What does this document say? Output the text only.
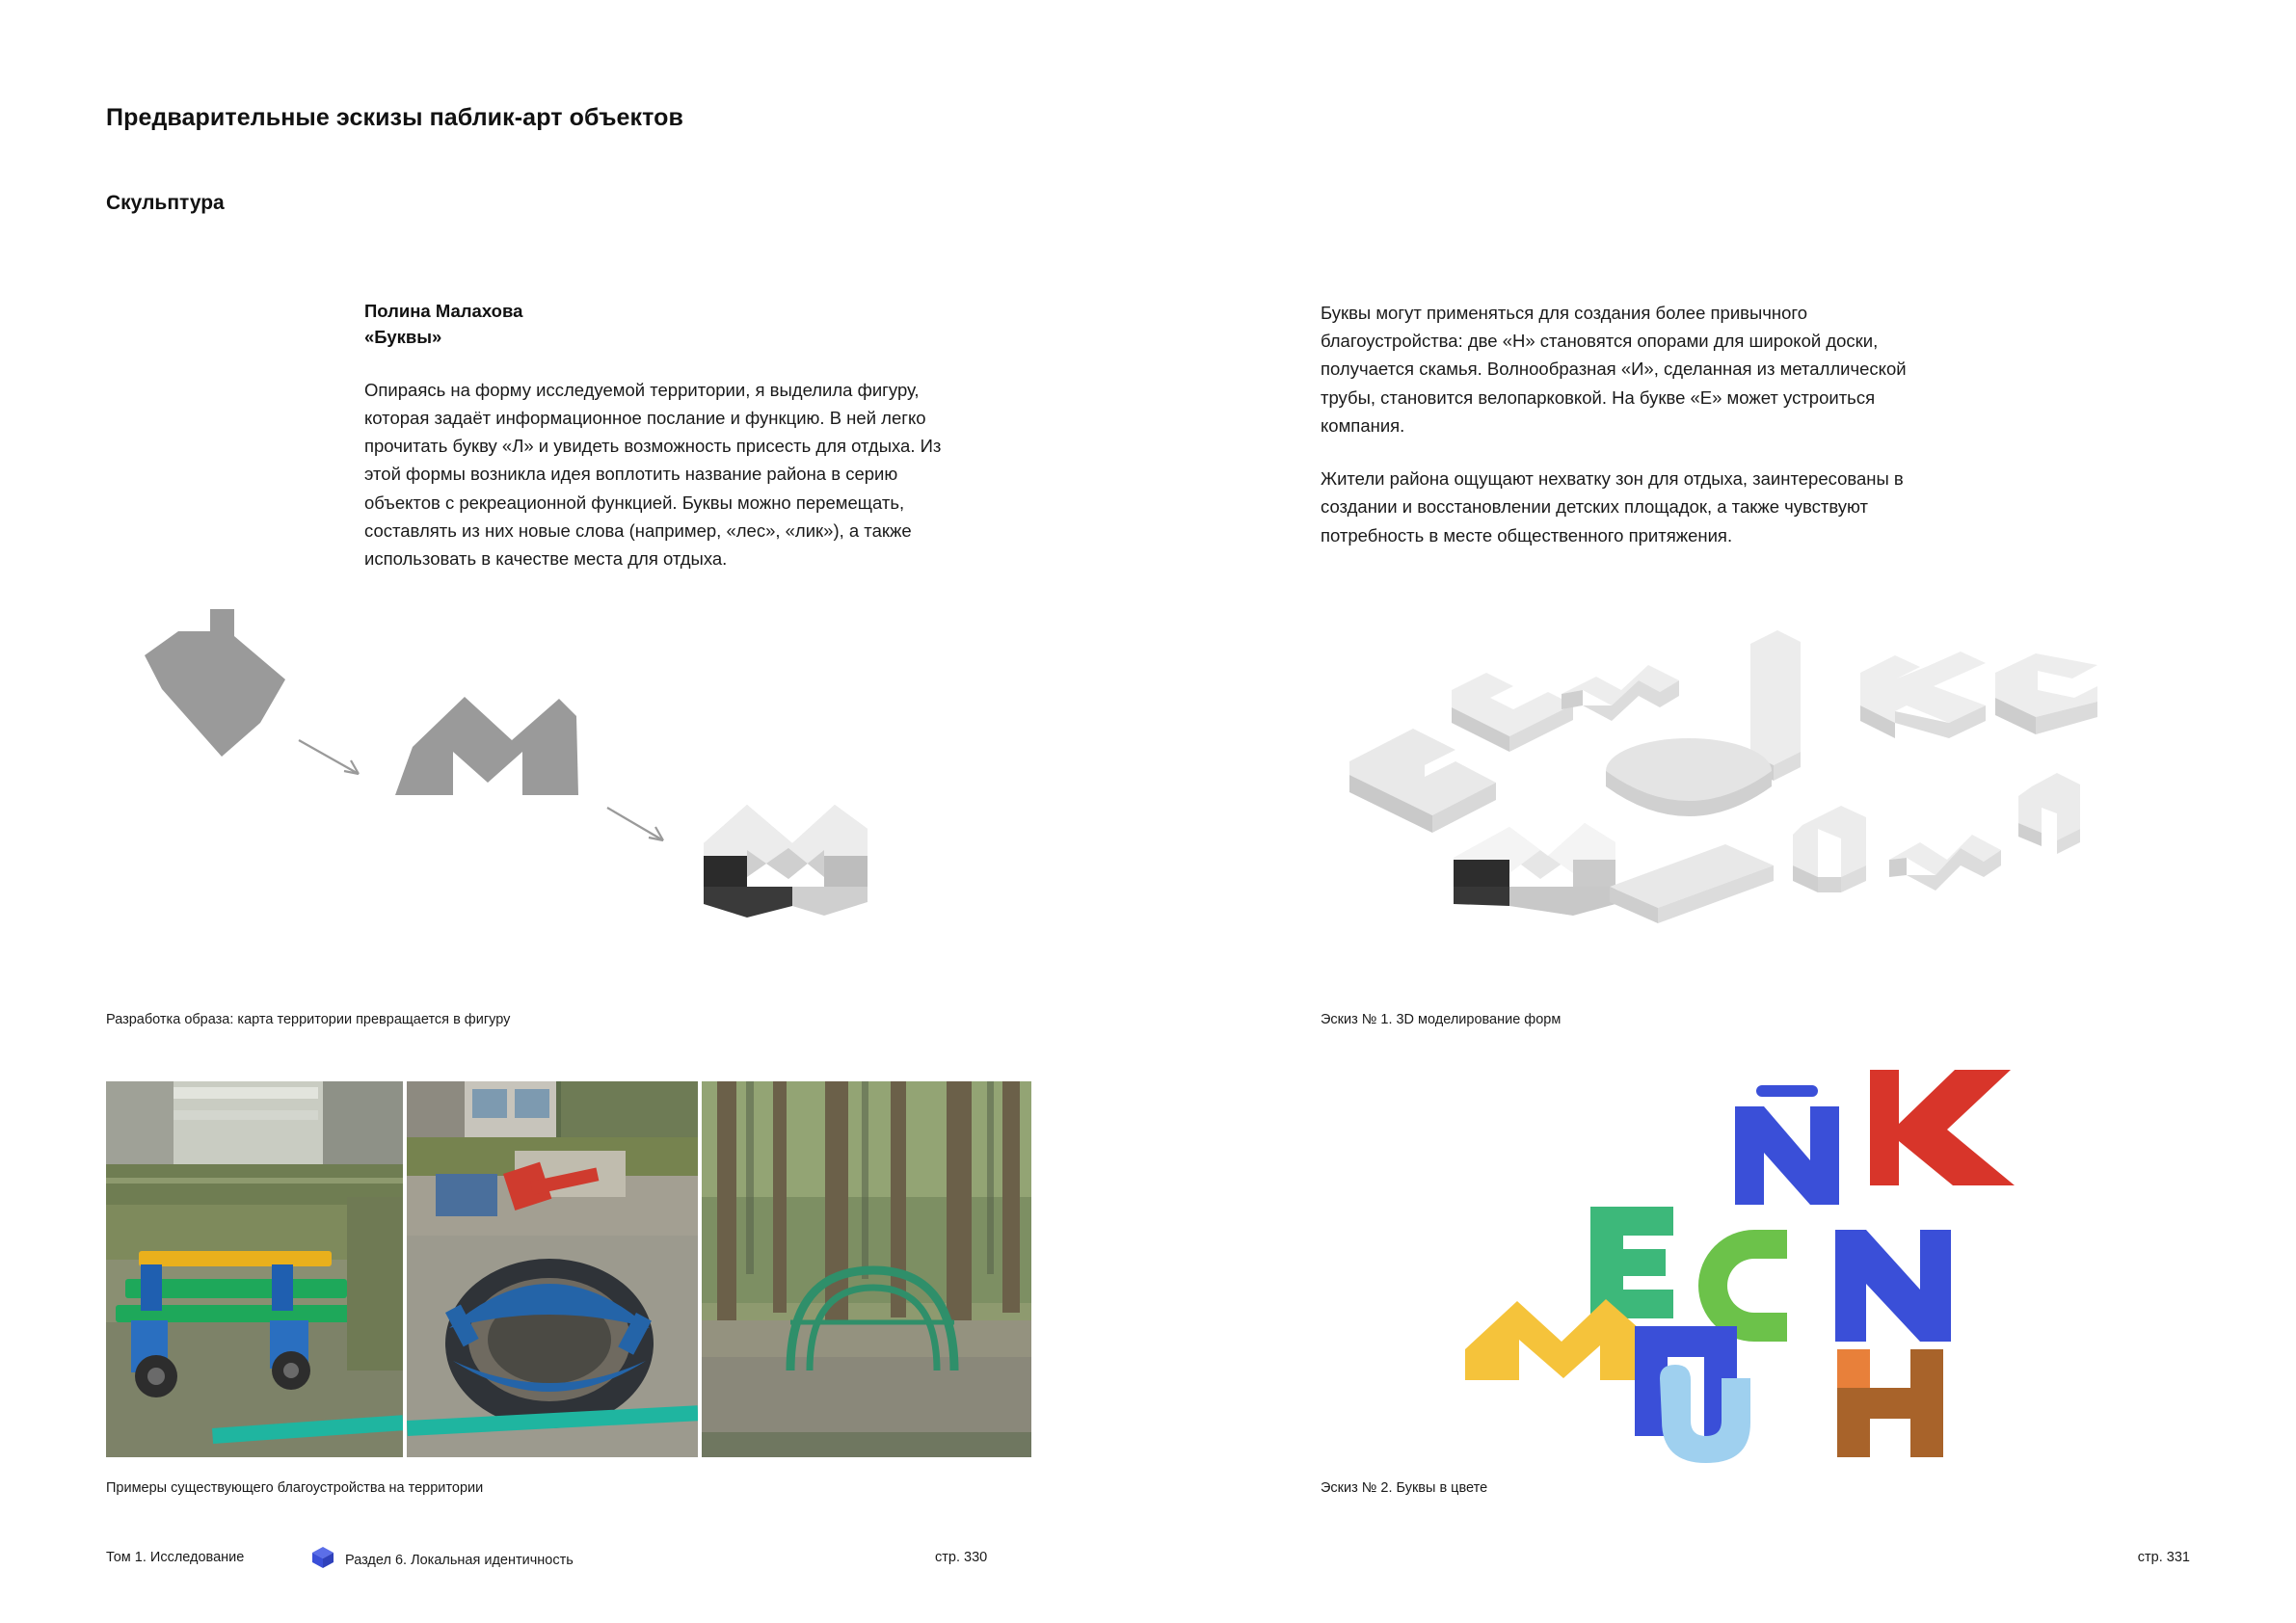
Предварительные эскизы паблик-арт объектов
Скульптура
Полина Малахова
«Буквы»
Опираясь на форму исследуемой территории, я выделила фигуру, которая задаёт информационное послание и функцию. В ней легко прочитать букву «Л» и увидеть возможность присесть для отдыха. Из этой формы возникла идея воплотить название района в серию объектов с рекреационной функцией. Буквы можно перемещать, составлять из них новые слова (например, «лес», «лик»), а также использовать в качестве места для отдыха.
Буквы могут применяться для создания более привычного благоустройства: две «Н» становятся опорами для широкой доски, получается скамья. Волнообразная «И», сделанная из металлической трубы, становится велопарковкой. На букве «Е» может устроиться компания.
Жители района ощущают нехватку зон для отдыха, заинтересованы в создании и восстановлении детских площадок, а также чувствуют потребность в месте общественного притяжения.
Разработка образа: карта территории превращается в фигуру
Примеры существующего благоустройства на территории
Эскиз № 1. 3D моделирование форм
Эскиз № 2. Буквы в цвете
Том 1. Исследование	Раздел 6. Локальная идентичность	стр. 330	стр. 331
